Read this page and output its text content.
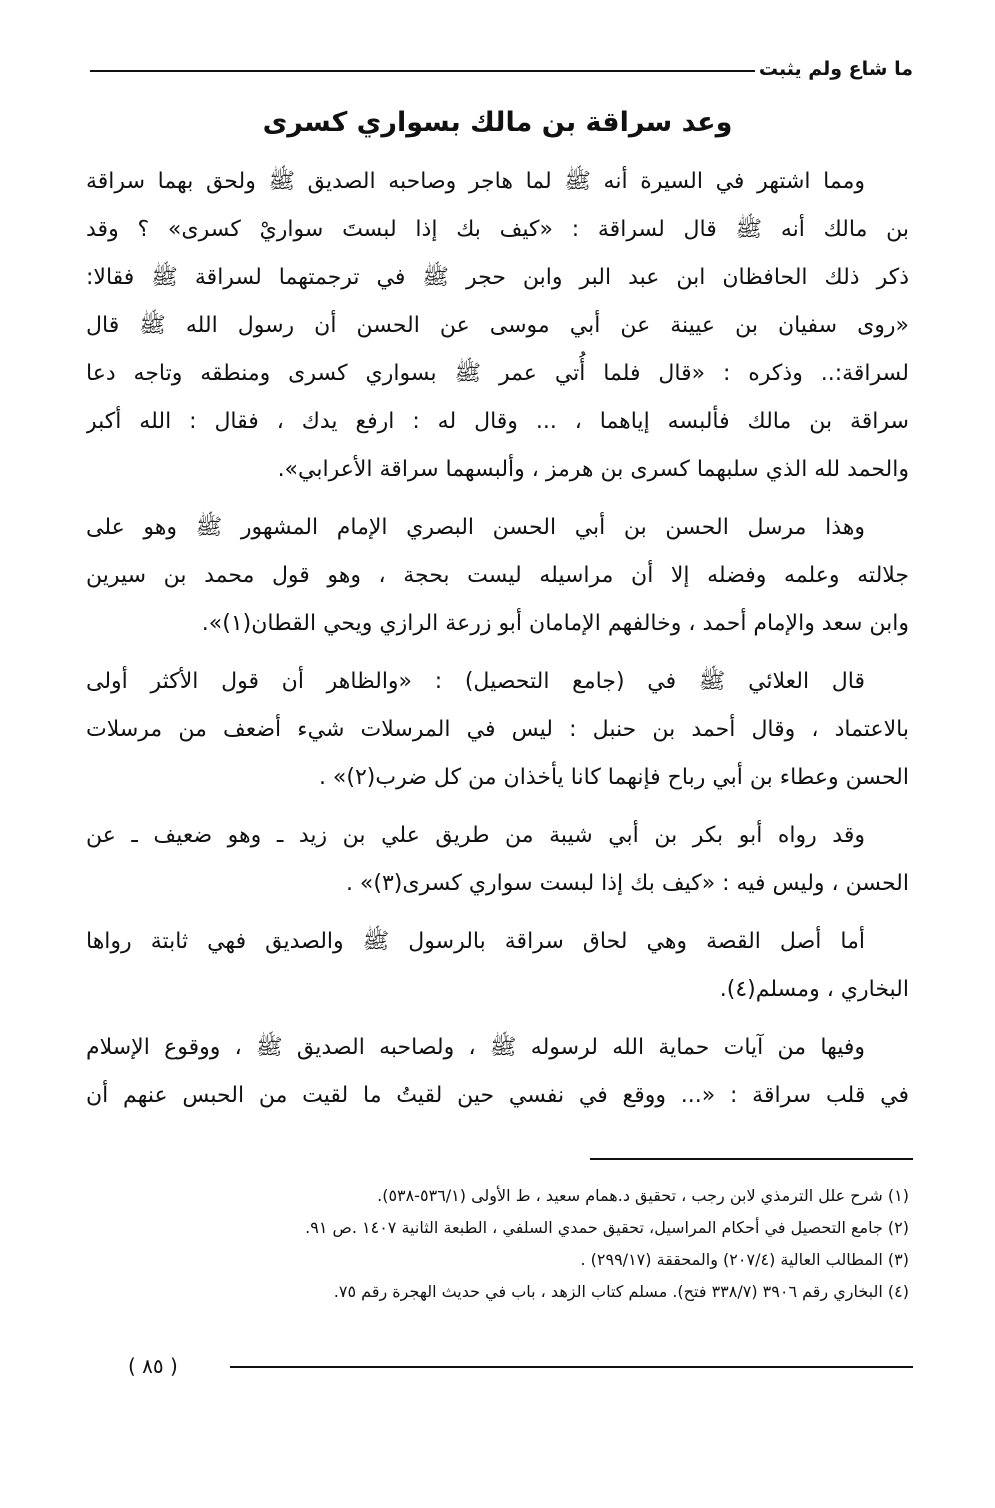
ما شاع ولم يثبت
وعد سراقة بن مالك بسواري كسرى

ومما اشتهر في السيرة أنه ﷺ لما هاجر وصاحبه الصديق ﷺ ولحق بهما سراقة
بن مالك أنه ﷺ قال لسراقة : «كيف بك إذا لبستَ سواريْ كسرى» ؟ وقد
ذكر ذلك الحافظان ابن عبد البر وابن حجر ﷺ في ترجمتهما لسراقة ﷺ فقالا:
«روى سفيان بن عيينة عن أبي موسى عن الحسن أن رسول الله ﷺ قال
لسراقة:.. وذكره : «قال فلما أُتي عمر ﷺ بسواري كسرى ومنطقه وتاجه دعا
سراقة بن مالك فألبسه إياهما ، ... وقال له : ارفع يدك ، فقال : الله أكبر
والحمد لله الذي سلبهما كسرى بن هرمز ، وألبسهما سراقة الأعرابي».

وهذا مرسل الحسن بن أبي الحسن البصري الإمام المشهور ﷺ وهو على
جلالته وعلمه وفضله إلا أن مراسيله ليست بحجة ، وهو قول محمد بن سيرين
وابن سعد والإمام أحمد ، وخالفهم الإمامان أبو زرعة الرازي ويحي القطان(١)».

قال العلائي ﷺ في (جامع التحصيل) : «والظاهر أن قول الأكثر أولى
بالاعتماد ، وقال أحمد بن حنبل : ليس في المرسلات شيء أضعف من مرسلات
الحسن وعطاء بن أبي رباح فإنهما كانا يأخذان من كل ضرب(٢)» .

وقد رواه أبو بكر بن أبي شيبة من طريق علي بن زيد ـ وهو ضعيف ـ عن
الحسن ، وليس فيه : «كيف بك إذا لبست سواري كسرى(٣)» .

أما أصل القصة وهي لحاق سراقة بالرسول ﷺ والصديق فهي ثابتة رواها
البخاري ، ومسلم(٤).

وفيها من آيات حماية الله لرسوله ﷺ ، ولصاحبه الصديق ﷺ ، ووقوع الإسلام
في قلب سراقة : «... ووقع في نفسي حين لقيتُ ما لقيت من الحبس عنهم أن

(١) شرح علل الترمذي لابن رجب ، تحقيق د.همام سعيد ، ط الأولى (٥٣٦/١-٥٣٨).
(٢) جامع التحصيل في أحكام المراسيل، تحقيق حمدي السلفي ، الطبعة الثانية ١٤٠٧ .ص ٩١.
(٣) المطالب العالية (٢٠٧/٤) والمحققة (٢٩٩/١٧) .
(٤) البخاري رقم ٣٩٠٦ (٣٣٨/٧ فتح). مسلم كتاب الزهد ، باب في حديث الهجرة رقم ٧٥.
( ٨٥ )
